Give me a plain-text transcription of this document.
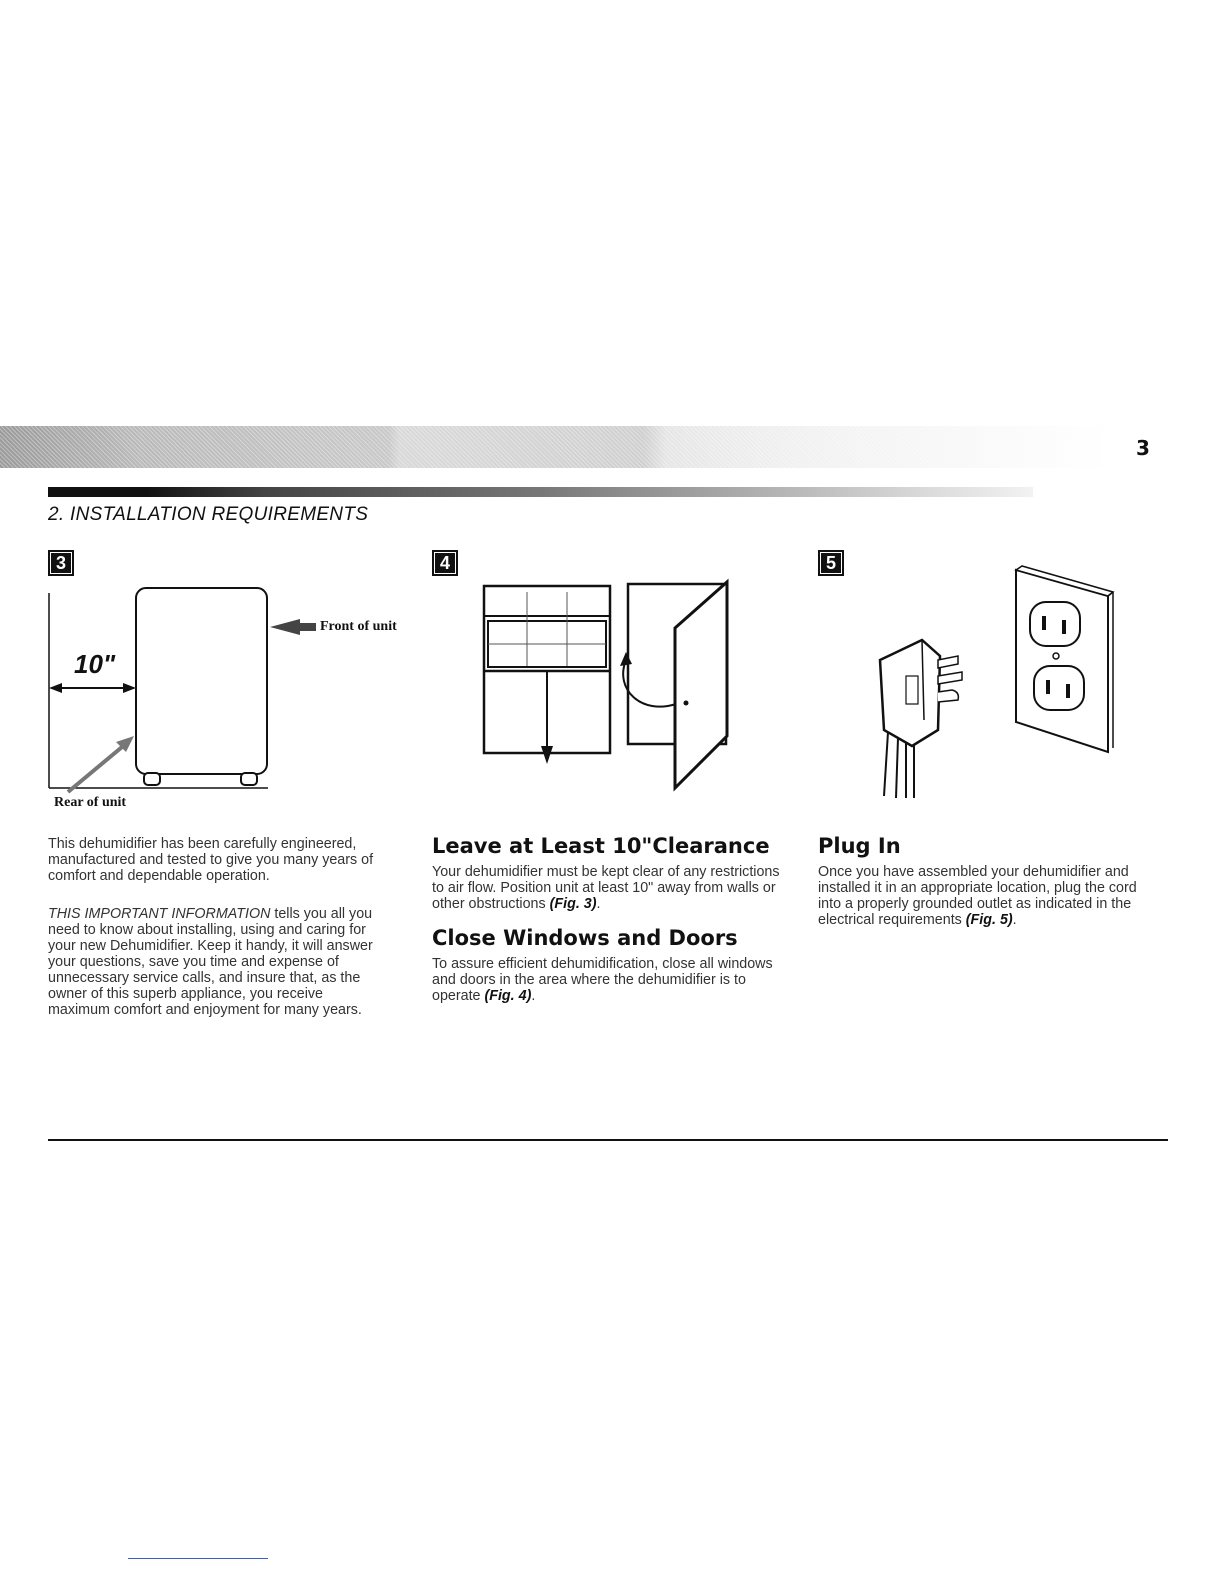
3
2. INSTALLATION REQUIREMENTS
3
Front of unit
10"
Rear of unit
4	5

This dehumidifier has been carefully engineered, manufactured and tested to give you many years of comfort and dependable operation.

THIS IMPORTANT INFORMATION tells you all you need to know about installing, using and caring for your new Dehumidifier. Keep it handy, it will answer your questions, save you time and expense of unnecessary service calls, and insure that, as the owner of this superb appliance, you receive maximum comfort and enjoyment for many years.

Leave at Least 10"Clearance

Your dehumidifier must be kept clear of any restrictions to air flow. Position unit at least 10" away from walls or other obstructions (Fig. 3).

Close Windows and Doors

To assure efficient dehumidification, close all windows and doors in the area where the dehumidifier is to operate (Fig. 4).

Plug In

Once you have assembled your dehumidifier and installed it in an appropriate location, plug the cord into a properly grounded outlet as indicated in the electrical requirements (Fig. 5).
